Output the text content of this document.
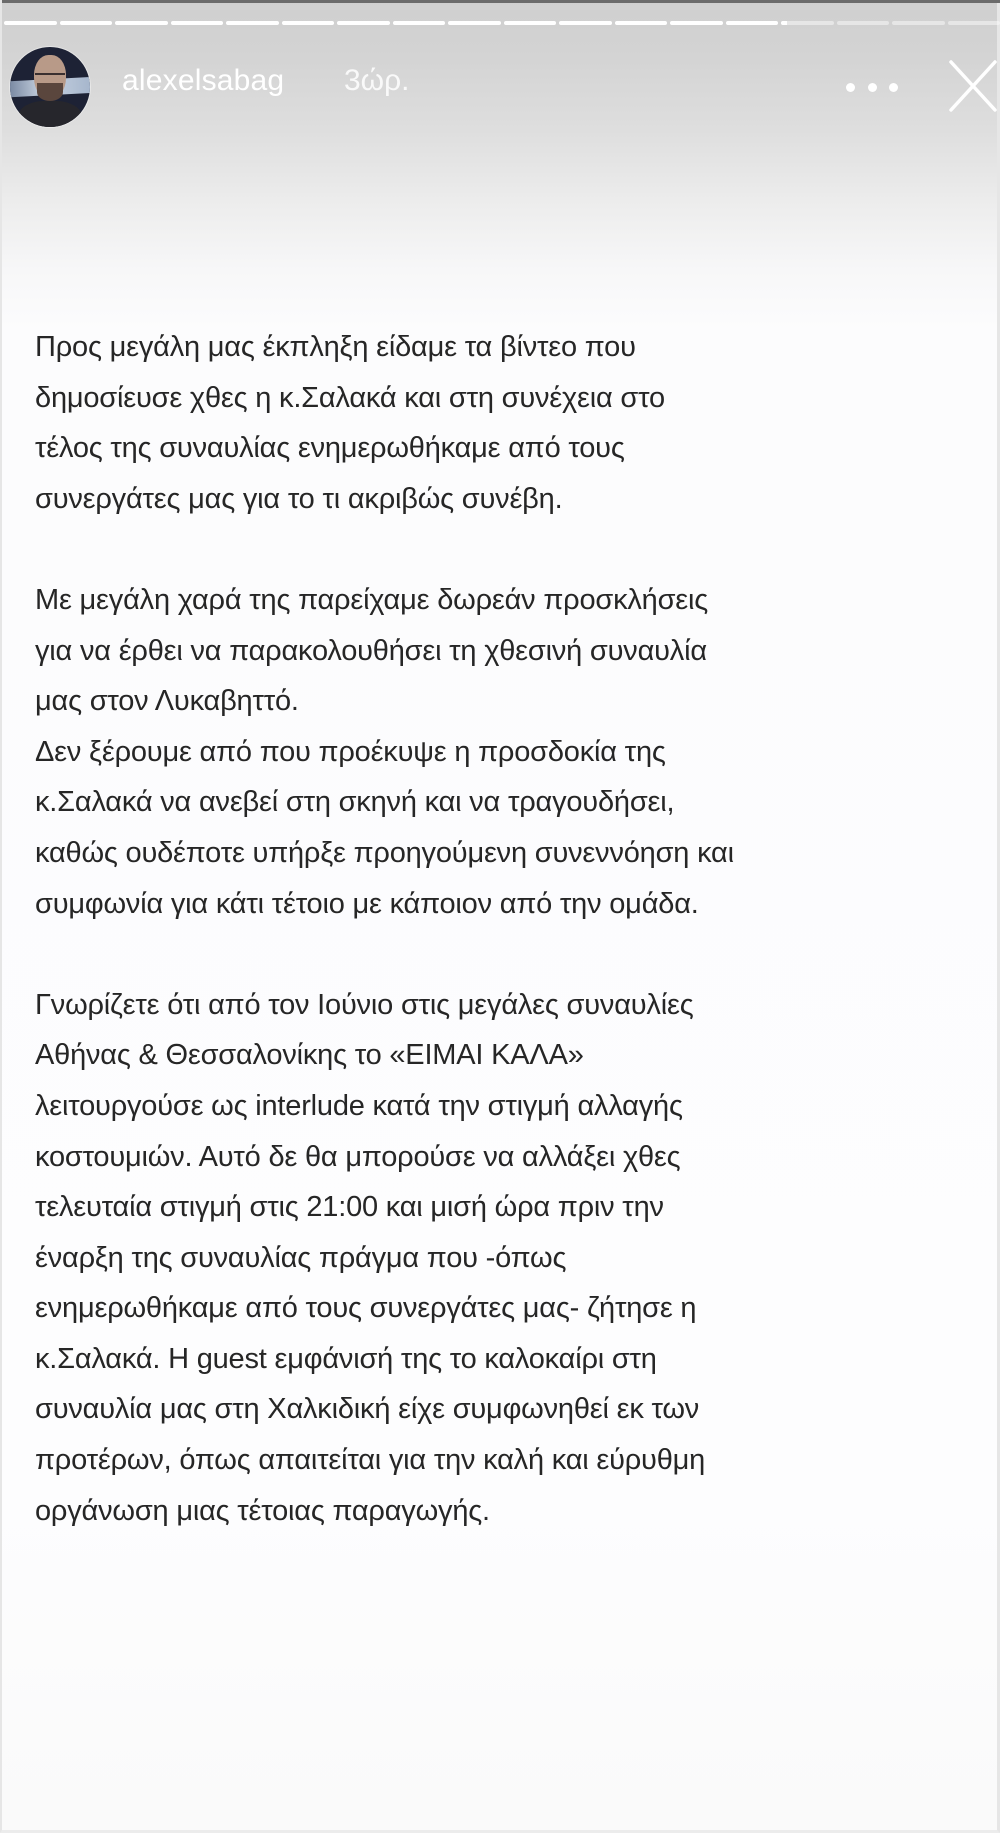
alexelsabag 3ώρ.

Προς μεγάλη μας έκπληξη είδαμε τα βίντεο που
δημοσίευσε χθες η κ.Σαλακά και στη συνέχεια στο
τέλος της συναυλίας ενημερωθήκαμε από τους
συνεργάτες μας για το τι ακριβώς συνέβη.

Με μεγάλη χαρά της παρείχαμε δωρεάν προσκλήσεις
για να έρθει να παρακολουθήσει τη χθεσινή συναυλία
μας στον Λυκαβηττό.
Δεν ξέρουμε από που προέκυψε η προσδοκία της
κ.Σαλακά να ανεβεί στη σκηνή και να τραγουδήσει,
καθώς ουδέποτε υπήρξε προηγούμενη συνεννόηση και
συμφωνία για κάτι τέτοιο με κάποιον από την ομάδα.

Γνωρίζετε ότι από τον Ιούνιο στις μεγάλες συναυλίες
Αθήνας & Θεσσαλονίκης το «ΕΙΜΑΙ ΚΑΛΑ»
λειτουργούσε ως interlude κατά την στιγμή αλλαγής
κοστουμιών. Αυτό δε θα μπορούσε να αλλάξει χθες
τελευταία στιγμή στις 21:00 και μισή ώρα πριν την
έναρξη της συναυλίας πράγμα που -όπως
ενημερωθήκαμε από τους συνεργάτες μας- ζήτησε η
κ.Σαλακά. Η guest εμφάνισή της το καλοκαίρι στη
συναυλία μας στη Χαλκιδική είχε συμφωνηθεί εκ των
προτέρων, όπως απαιτείται για την καλή και εύρυθμη
οργάνωση μιας τέτοιας παραγωγής.
